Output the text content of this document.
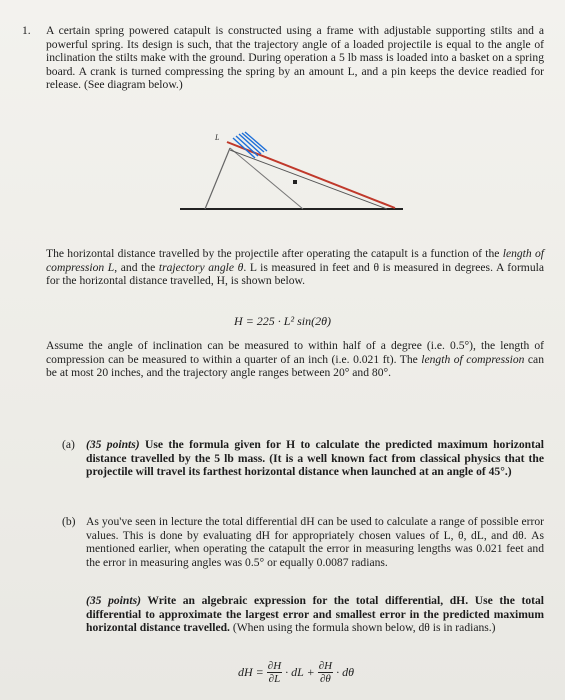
1. A certain spring powered catapult is constructed using a frame with adjustable supporting stilts and a powerful spring. Its design is such, that the trajectory angle of a loaded projectile is equal to the angle of inclination the stilts make with the ground. During operation a 5 lb mass is loaded into a basket on a spring board. A crank is turned compressing the spring by an amount L, and a pin keeps the device readied for release. (See diagram below.)

L

The horizontal distance travelled by the projectile after operating the catapult is a function of the length of compression L, and the trajectory angle θ. L is measured in feet and θ is measured in degrees. A formula for the horizontal distance travelled, H, is shown below.

H = 225 · L² sin(2θ)

Assume the angle of inclination can be measured to within half of a degree (i.e. 0.5°), the length of compression can be measured to within a quarter of an inch (i.e. 0.021 ft). The length of compression can be at most 20 inches, and the trajectory angle ranges between 20° and 80°.

(a) (35 points) Use the formula given for H to calculate the predicted maximum horizontal distance travelled by the 5 lb mass. (It is a well known fact from classical physics that the projectile will travel its farthest horizontal distance when launched at an angle of 45°.)

(b) As you've seen in lecture the total differential dH can be used to calculate a range of possible error values. This is done by evaluating dH for appropriately chosen values of L, θ, dL, and dθ. As mentioned earlier, when operating the catapult the error in measuring lengths was 0.021 feet and the error in measuring angles was 0.5° or equally 0.0087 radians.

(35 points) Write an algebraic expression for the total differential, dH. Use the total differential to approximate the largest error and smallest error in the predicted maximum horizontal distance travelled. (When using the formula shown below, dθ is in radians.)

dH = $\frac{\partial H}{\partial L}$ · dL + $\frac{\partial H}{\partial\theta} \cdot d\theta$
